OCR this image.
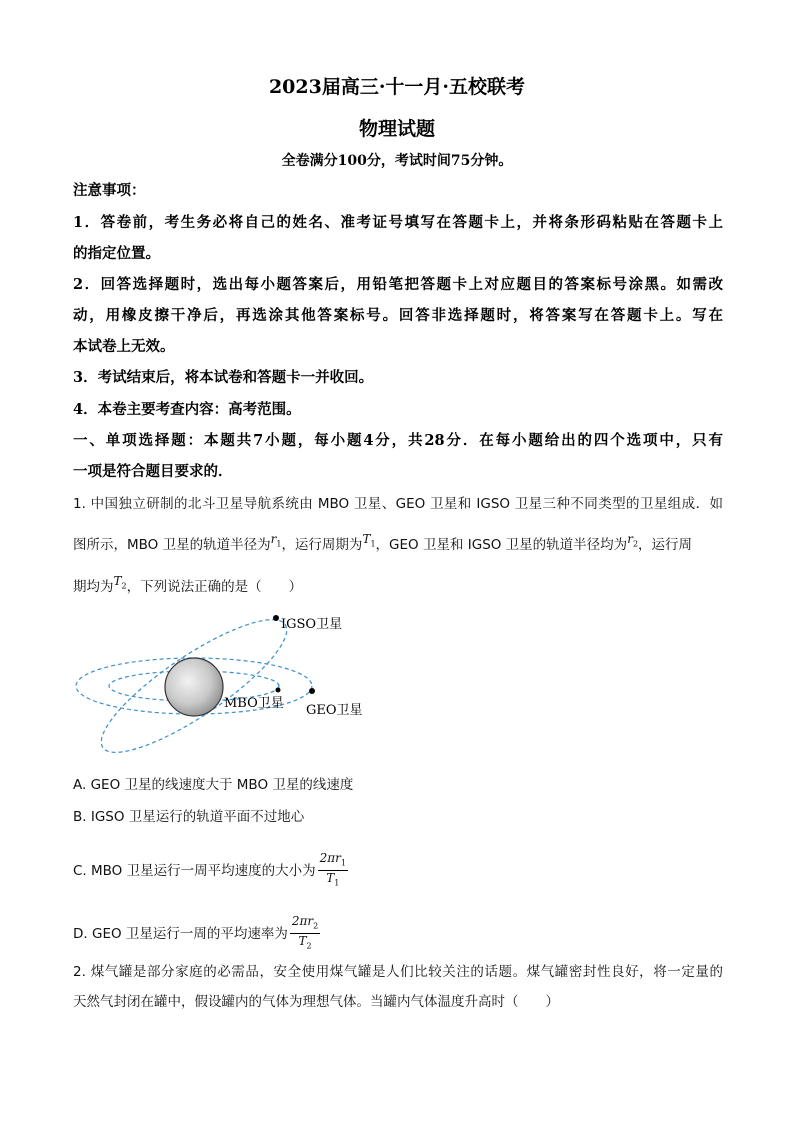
2023届高三·十一月·五校联考
物理试题
全卷满分100分，考试时间75分钟。
注意事项：
1．答卷前，考生务必将自己的姓名、准考证号填写在答题卡上，并将条形码粘贴在答题卡上
的指定位置。
2．回答选择题时，选出每小题答案后，用铅笔把答题卡上对应题目的答案标号涂黑。如需改
动，用橡皮擦干净后，再选涂其他答案标号。回答非选择题时，将答案写在答题卡上。写在
本试卷上无效。
3．考试结束后，将本试卷和答题卡一并收回。
4．本卷主要考查内容：高考范围。
一、单项选择题：本题共7小题，每小题4分，共28分．在每小题给出的四个选项中，只有
一项是符合题目要求的．
1. 中国独立研制的北斗卫星导航系统由 MBO 卫星、GEO 卫星和 IGSO 卫星三种不同类型的卫星组成．如
图所示，MBO 卫星的轨道半径为$r_1$，运行周期为$T_1$，GEO 卫星和 IGSO 卫星的轨道半径均为$r_2$，运行周
期均为$T_2$，下列说法正确的是（　　）
IGSO卫星
MBO卫星 GEO卫星
A. GEO 卫星的线速度大于 MBO 卫星的线速度
B. IGSO 卫星运行的轨道平面不过地心
C. MBO 卫星运行一周平均速度的大小为 $\frac{2\pi r_1}{T_1}$
D. GEO 卫星运行一周的平均速率为 $\frac{2\pi r_2}{T_2}$
2. 煤气罐是部分家庭的必需品，安全使用煤气罐是人们比较关注的话题。煤气罐密封性良好，将一定量的
天然气封闭在罐中，假设罐内的气体为理想气体。当罐内气体温度升高时（　　）
